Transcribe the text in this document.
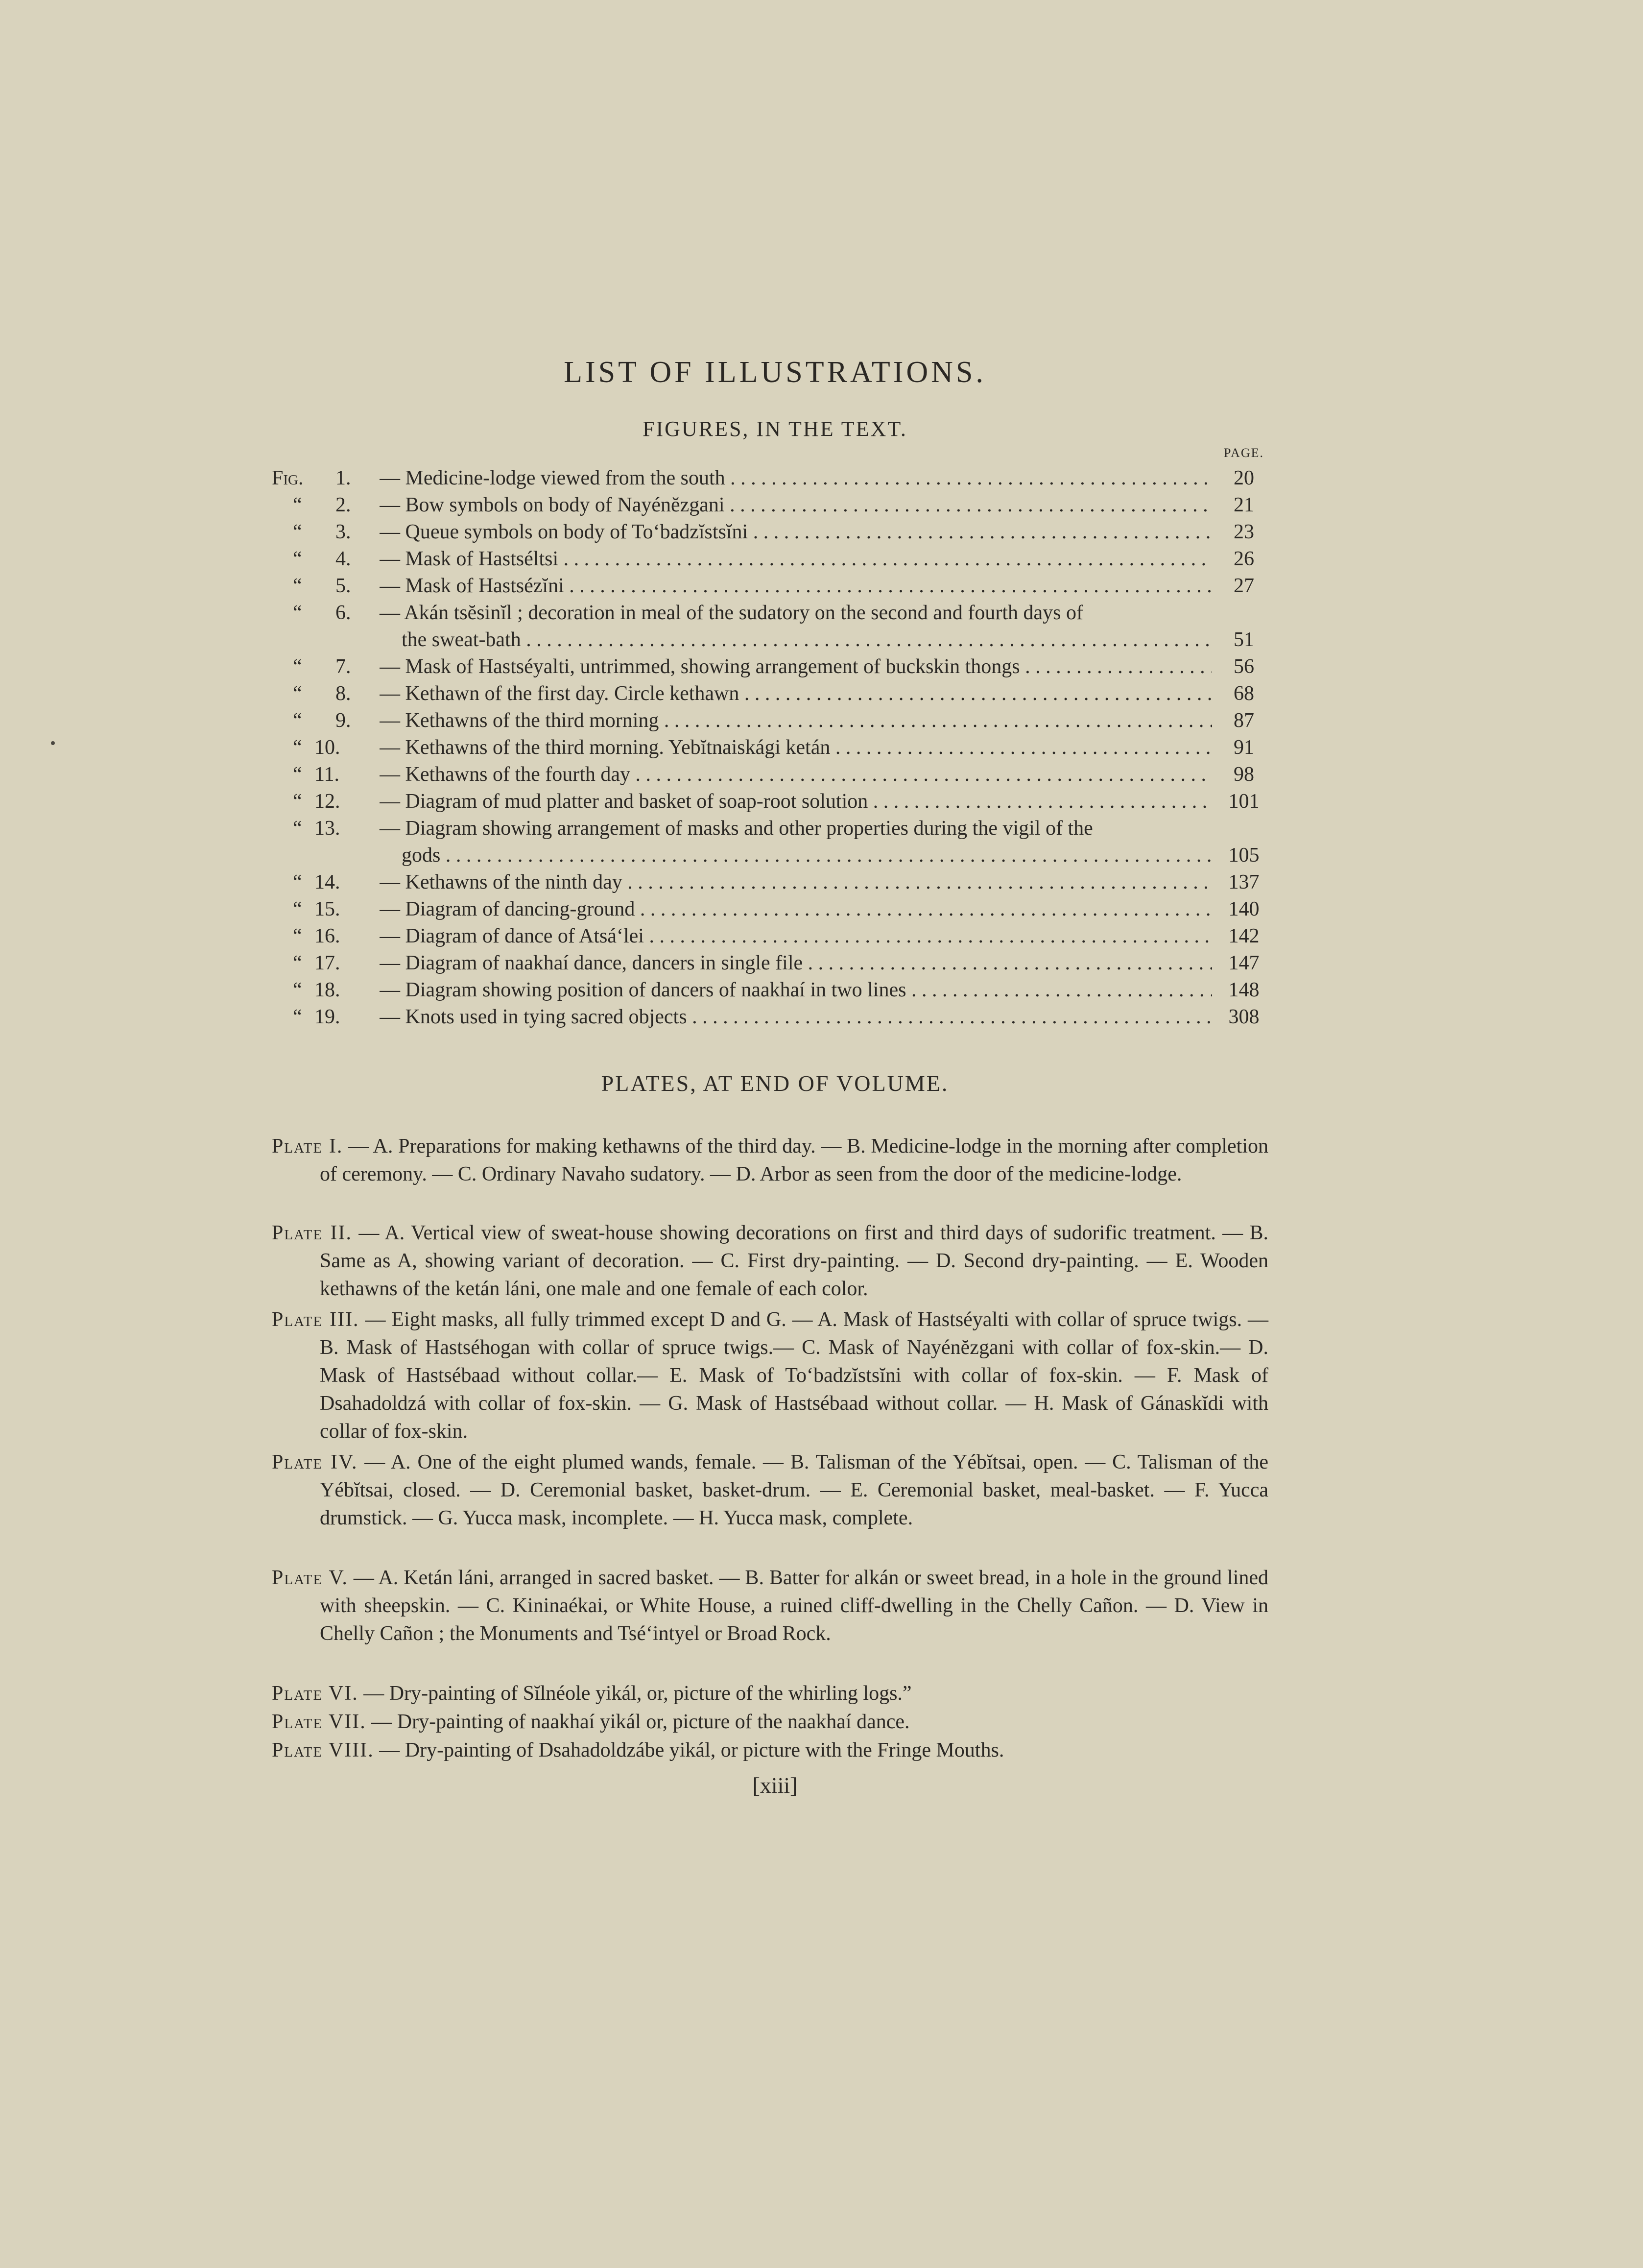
LIST OF ILLUSTRATIONS.
FIGURES, IN THE TEXT.
PAGE.
Fig.	1.	— Medicine-lodge viewed from the south . . .	20
“ 2.	— Bow symbols on body of Nayénĕzgani . . .	21
“ 3.	— Queue symbols on body of To‘badzĭstsĭni . . .	23
“ 4.	— Mask of Hastséltsi . . .	26
“ 5.	— Mask of Hastsézĭni . . .	27
“ 6.	— Akán tsĕsinĭl ; decoration in meal of the sudatory on the second and fourth days of
the sweat-bath . . .	51
“ 7.	— Mask of Hastséyalti, untrimmed, showing arrangement of buckskin thongs . . .	56
“ 8.	— Kethawn of the first day. Circle kethawn . . .	68
“ 9.	— Kethawns of the third morning . . .	87
“ 10.	— Kethawns of the third morning. Yebĭtnaiskági ketán . . .	91
“ 11.	— Kethawns of the fourth day . . .	98
“ 12.	— Diagram of mud platter and basket of soap-root solution . . .	101
“ 13.	— Diagram showing arrangement of masks and other properties during the vigil of the
gods . . .	105
“ 14.	— Kethawns of the ninth day . . .	137
“ 15.	— Diagram of dancing-ground . . .	140
“ 16.	— Diagram of dance of Atsá‘lei . . .	142
“ 17.	— Diagram of naakhaí dance, dancers in single file . . .	147
“ 18.	— Diagram showing position of dancers of naakhaí in two lines . . .	148
“ 19.	— Knots used in tying sacred objects . . .	308
PLATES, AT END OF VOLUME.
Plate I. — A. Preparations for making kethawns of the third day. — B. Medicine-lodge in the morning after completion of ceremony. — C. Ordinary Navaho sudatory. — D. Arbor as seen from the door of the medicine-lodge.
Plate II. — A. Vertical view of sweat-house showing decorations on first and third days of sudorific treatment. — B. Same as A, showing variant of decoration. — C. First dry-painting. — D. Second dry-painting. — E. Wooden kethawns of the ketán láni, one male and one female of each color.
Plate III. — Eight masks, all fully trimmed except D and G. — A. Mask of Hastséyalti with collar of spruce twigs. — B. Mask of Hastséhogan with collar of spruce twigs.— C. Mask of Nayénĕzgani with collar of fox-skin.— D. Mask of Hastsébaad without collar.— E. Mask of To‘badzĭstsĭni with collar of fox-skin. — F. Mask of Dsahadoldzá with collar of fox-skin. — G. Mask of Hastsébaad without collar. — H. Mask of Gánaskĭdi with collar of fox-skin.
Plate IV. — A. One of the eight plumed wands, female. — B. Talisman of the Yébĭtsai, open. — C. Talisman of the Yébĭtsai, closed. — D. Ceremonial basket, basket-drum. — E. Ceremonial basket, meal-basket. — F. Yucca drumstick. — G. Yucca mask, incomplete. — H. Yucca mask, complete.
Plate V. — A. Ketán láni, arranged in sacred basket. — B. Batter for alkán or sweet bread, in a hole in the ground lined with sheepskin. — C. Kininaékai, or White House, a ruined cliff-dwelling in the Chelly Cañon. — D. View in Chelly Cañon ; the Monuments and Tsé‘intyel or Broad Rock.
Plate VI. — Dry-painting of Sĭlnéole yikál, or, picture of the whirling logs.”
Plate VII. — Dry-painting of naakhaí yikál or, picture of the naakhaí dance.
Plate VIII. — Dry-painting of Dsahadoldzábe yikál, or picture with the Fringe Mouths.
[xiii]
